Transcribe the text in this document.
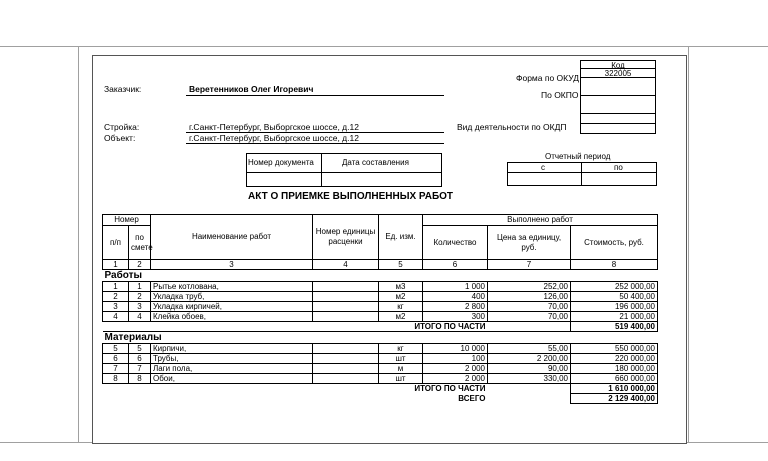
Заказчик:	Веретенников Олег Игоревич
Стройка:	г.Санкт-Петербург, Выборгское шоссе, д.12
Объект:	г.Санкт-Петербург, Выборгское шоссе, д.12
Форма по ОКУД
По ОКПО
Вид деятельности по ОКДП
Код
322005
Номер документа	Дата составления
Отчетный период
с	по
АКТ О ПРИЕМКЕ ВЫПОЛНЕННЫХ РАБОТ
Номер		Наименование работ	Номер единицы расценки	Ед. изм.	Выполнено работ		
п/п	по смете				Количество	Цена за единицу, руб.	Стоимость, руб.
1	2	3	4	5	6	7	8
Работы							
1	1	Рытье котлована,		м3	1 000	252,00	252 000,00
2	2	Укладка труб,		м2	400	126,00	50 400,00
3	3	Укладка кирпичей,		кг	2 800	70,00	196 000,00
4	4	Клейка обоев,		м2	300	70,00	21 000,00
ИТОГО ПО ЧАСТИ							519 400,00
Материалы							
5	5	Кирпичи,		кг	10 000	55,00	550 000,00
6	6	Трубы,		шт	100	2 200,00	220 000,00
7	7	Лаги пола,		м	2 000	90,00	180 000,00
8	8	Обои,		шт	2 000	330,00	660 000,00
ИТОГО ПО ЧАСТИ							1 610 000,00
ВСЕГО							2 129 400,00
